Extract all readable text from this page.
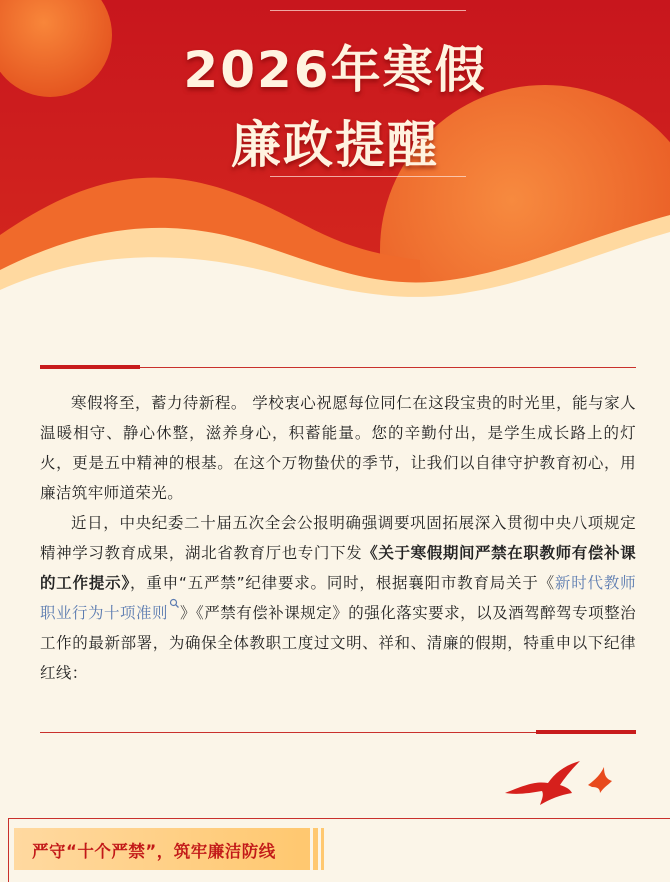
2026年寒假
廉政提醒

寒假将至，蓄力待新程。 学校衷心祝愿每位同仁在这段宝贵的时光里，能与家人温暖相守、静心休整，滋养身心，积蓄能量。您的辛勤付出，是学生成长路上的灯火，更是五中精神的根基。在这个万物蛰伏的季节，让我们以自律守护教育初心，用廉洁筑牢师道荣光。

近日，中央纪委二十届五次全会公报明确强调要巩固拓展深入贯彻中央八项规定精神学习教育成果，湖北省教育厅也专门下发《关于寒假期间严禁在职教师有偿补课的工作提示》，重申“五严禁”纪律要求。同时，根据襄阳市教育局关于《新时代教师职业行为十项准则 》《严禁有偿补课规定》的强化落实要求，以及酒驾醉驾专项整治工作的最新部署，为确保全体教职工度过文明、祥和、清廉的假期，特重申以下纪律红线：

严守“十个严禁”，筑牢廉洁防线
